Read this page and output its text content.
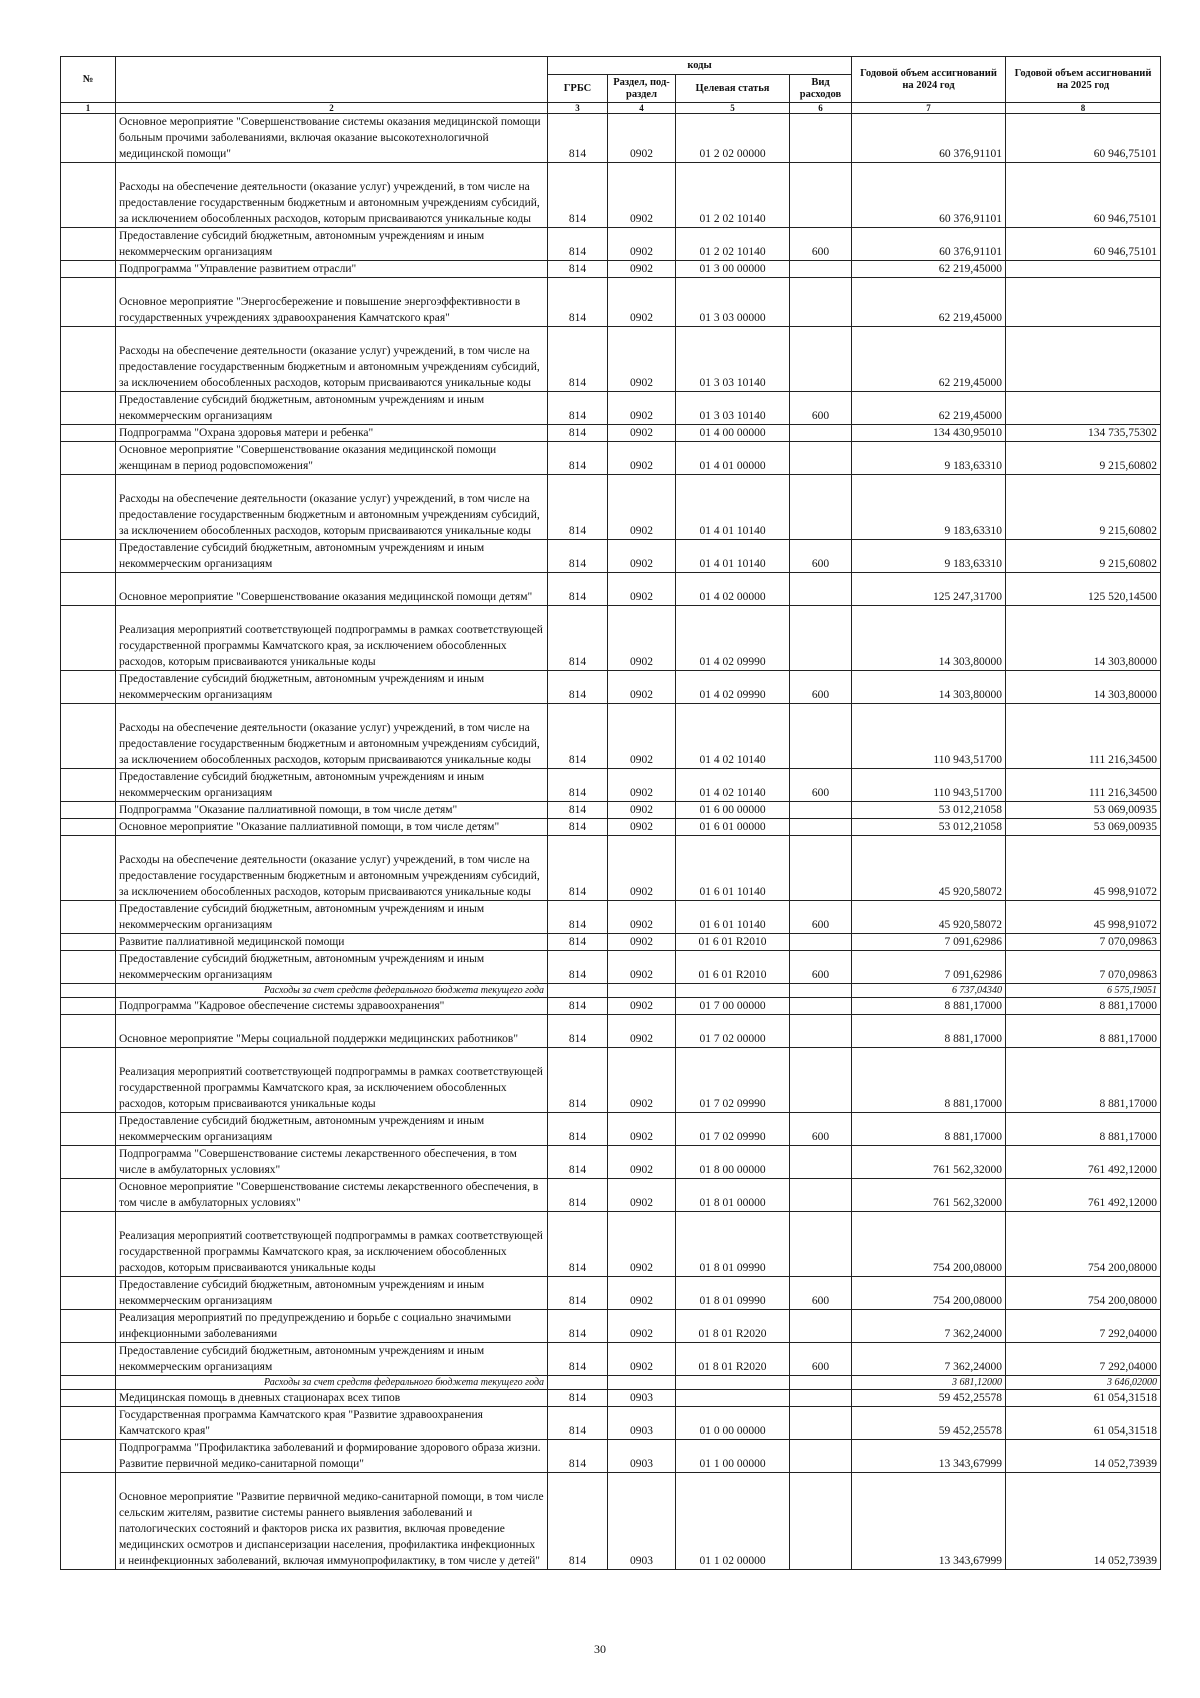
№		коды				Годовой объем ассигнований на 2024 год	Годовой объем ассигнований на 2025 год
		ГРБС	Раздел, под-раздел	Целевая статья	Вид расходов		
1	2	3	4	5	6	7	8
	Основное мероприятие "Совершенствование системы оказания медицинской помощи больным прочими заболеваниями, включая оказание высокотехнологичной медицинской помощи"	814	0902	01 2 02 00000		60 376,91101	60 946,75101
	Расходы на обеспечение деятельности (оказание услуг) учреждений, в том числе на предоставление государственным бюджетным и автономным учреждениям субсидий, за исключением обособленных расходов, которым присваиваются уникальные коды	814	0902	01 2 02 10140		60 376,91101	60 946,75101
	Предоставление субсидий бюджетным, автономным учреждениям и иным некоммерческим организациям	814	0902	01 2 02 10140	600	60 376,91101	60 946,75101
	Подпрограмма "Управление развитием отрасли"	814	0902	01 3 00 00000		62 219,45000	
	Основное мероприятие "Энергосбережение и повышение энергоэффективности в государственных учреждениях здравоохранения Камчатского края"	814	0902	01 3 03 00000		62 219,45000	
	Расходы на обеспечение деятельности (оказание услуг) учреждений, в том числе на предоставление государственным бюджетным и автономным учреждениям субсидий, за исключением обособленных расходов, которым присваиваются уникальные коды	814	0902	01 3 03 10140		62 219,45000	
	Предоставление субсидий бюджетным, автономным учреждениям и иным некоммерческим организациям	814	0902	01 3 03 10140	600	62 219,45000	
	Подпрограмма "Охрана здоровья матери и ребенка"	814	0902	01 4 00 00000		134 430,95010	134 735,75302
	Основное мероприятие "Совершенствование оказания медицинской помощи женщинам в период родовспоможения"	814	0902	01 4 01 00000		9 183,63310	9 215,60802
	Расходы на обеспечение деятельности (оказание услуг) учреждений, в том числе на предоставление государственным бюджетным и автономным учреждениям субсидий, за исключением обособленных расходов, которым присваиваются уникальные коды	814	0902	01 4 01 10140		9 183,63310	9 215,60802
	Предоставление субсидий бюджетным, автономным учреждениям и иным некоммерческим организациям	814	0902	01 4 01 10140	600	9 183,63310	9 215,60802
	Основное мероприятие "Совершенствование оказания медицинской помощи детям"	814	0902	01 4 02 00000		125 247,31700	125 520,14500
	Реализация мероприятий соответствующей подпрограммы в рамках соответствующей государственной программы Камчатского края, за исключением обособленных расходов, которым присваиваются уникальные коды	814	0902	01 4 02 09990		14 303,80000	14 303,80000
	Предоставление субсидий бюджетным, автономным учреждениям и иным некоммерческим организациям	814	0902	01 4 02 09990	600	14 303,80000	14 303,80000
	Расходы на обеспечение деятельности (оказание услуг) учреждений, в том числе на предоставление государственным бюджетным и автономным учреждениям субсидий, за исключением обособленных расходов, которым присваиваются уникальные коды	814	0902	01 4 02 10140		110 943,51700	111 216,34500
	Предоставление субсидий бюджетным, автономным учреждениям и иным некоммерческим организациям	814	0902	01 4 02 10140	600	110 943,51700	111 216,34500
	Подпрограмма "Оказание паллиативной помощи, в том числе детям"	814	0902	01 6 00 00000		53 012,21058	53 069,00935
	Основное мероприятие "Оказание паллиативной помощи, в том числе детям"	814	0902	01 6 01 00000		53 012,21058	53 069,00935
	Расходы на обеспечение деятельности (оказание услуг) учреждений, в том числе на предоставление государственным бюджетным и автономным учреждениям субсидий, за исключением обособленных расходов, которым присваиваются уникальные коды	814	0902	01 6 01 10140		45 920,58072	45 998,91072
	Предоставление субсидий бюджетным, автономным учреждениям и иным некоммерческим организациям	814	0902	01 6 01 10140	600	45 920,58072	45 998,91072
	Развитие паллиативной медицинской помощи	814	0902	01 6 01 R2010		7 091,62986	7 070,09863
	Предоставление субсидий бюджетным, автономным учреждениям и иным некоммерческим организациям	814	0902	01 6 01 R2010	600	7 091,62986	7 070,09863
	Расходы за счет средств федерального бюджета текущего года					6 737,04340	6 575,19051
	Подпрограмма "Кадровое обеспечение системы здравоохранения"	814	0902	01 7 00 00000		8 881,17000	8 881,17000
	Основное мероприятие "Меры социальной поддержки медицинских работников"	814	0902	01 7 02 00000		8 881,17000	8 881,17000
	Реализация мероприятий соответствующей подпрограммы в рамках соответствующей государственной программы Камчатского края, за исключением обособленных расходов, которым присваиваются уникальные коды	814	0902	01 7 02 09990		8 881,17000	8 881,17000
	Предоставление субсидий бюджетным, автономным учреждениям и иным некоммерческим организациям	814	0902	01 7 02 09990	600	8 881,17000	8 881,17000
	Подпрограмма "Совершенствование системы лекарственного обеспечения, в том числе в амбулаторных условиях"	814	0902	01 8 00 00000		761 562,32000	761 492,12000
	Основное мероприятие "Совершенствование системы лекарственного обеспечения, в том числе в амбулаторных условиях"	814	0902	01 8 01 00000		761 562,32000	761 492,12000
	Реализация мероприятий соответствующей подпрограммы в рамках соответствующей государственной программы Камчатского края, за исключением обособленных расходов, которым присваиваются уникальные коды	814	0902	01 8 01 09990		754 200,08000	754 200,08000
	Предоставление субсидий бюджетным, автономным учреждениям и иным некоммерческим организациям	814	0902	01 8 01 09990	600	754 200,08000	754 200,08000
	Реализация мероприятий по предупреждению и борьбе с социально значимыми инфекционными заболеваниями	814	0902	01 8 01 R2020		7 362,24000	7 292,04000
	Предоставление субсидий бюджетным, автономным учреждениям и иным некоммерческим организациям	814	0902	01 8 01 R2020	600	7 362,24000	7 292,04000
	Расходы за счет средств федерального бюджета текущего года					3 681,12000	3 646,02000
	Медицинская помощь в дневных стационарах всех типов	814	0903			59 452,25578	61 054,31518
	Государственная программа Камчатского края "Развитие здравоохранения Камчатского края"	814	0903	01 0 00 00000		59 452,25578	61 054,31518
	Подпрограмма "Профилактика заболеваний и формирование здорового образа жизни. Развитие первичной медико-санитарной помощи"	814	0903	01 1 00 00000		13 343,67999	14 052,73939
	Основное мероприятие "Развитие первичной медико-санитарной помощи, в том числе сельским жителям, развитие системы раннего выявления заболеваний и патологических состояний и факторов риска их развития, включая проведение медицинских осмотров и диспансеризации населения, профилактика инфекционных и неинфекционных заболеваний, включая иммунопрофилактику, в том числе у детей"	814	0903	01 1 02 00000		13 343,67999	14 052,73939
30
